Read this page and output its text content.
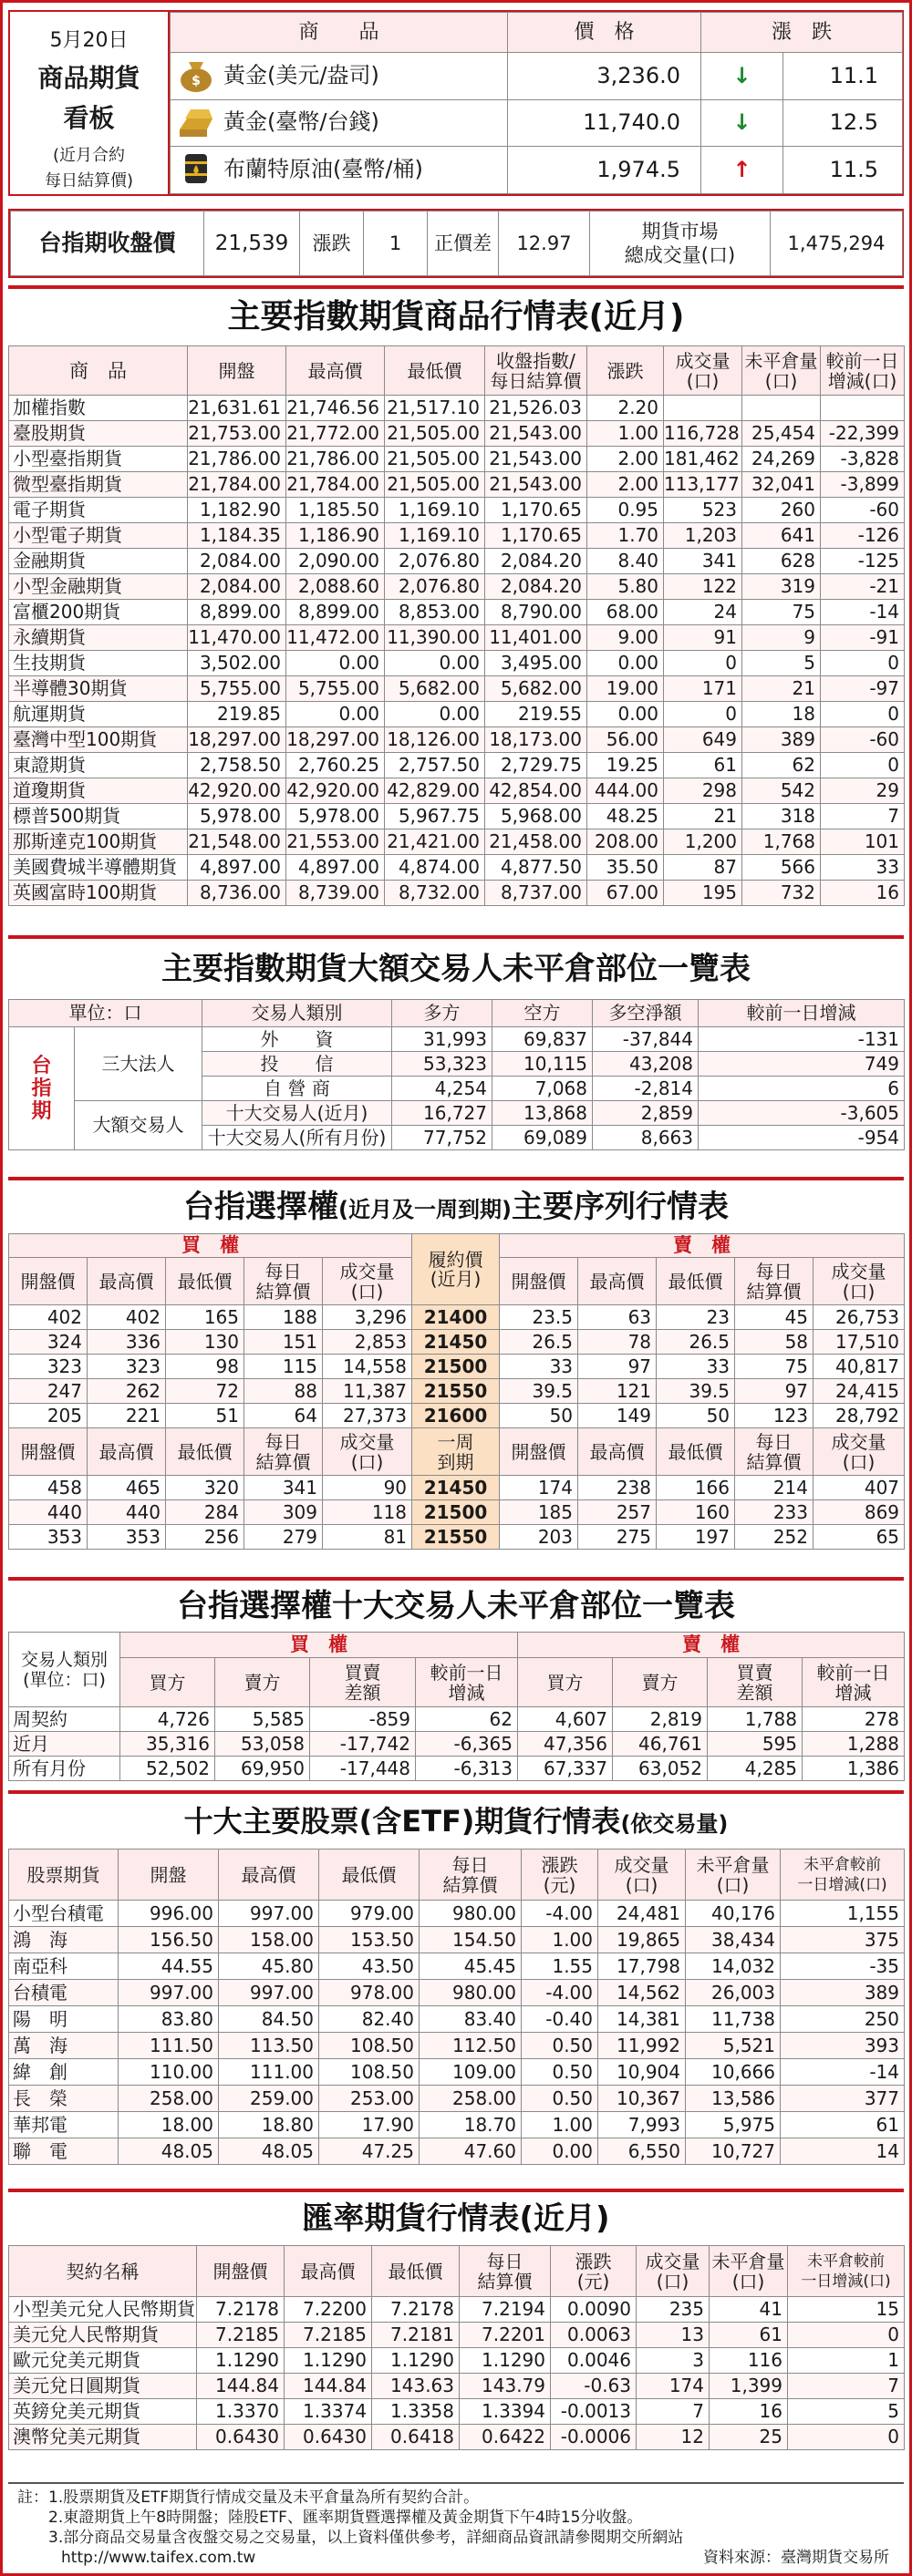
5月20日
商品期貨
看板
(近月合約
每日結算價)
商　　品	價　格	漲　跌	

$ 黃金(美元/盎司)	3,236.0	↓	11.1
黃金(臺幣/台錢)	11,740.0	↓	12.5
布蘭特原油(臺幣/桶)	1,974.5	↑	11.5
台指期收盤價	21,539	漲跌	1	正價差	12.97	
期貨市場
總成交量(口)
	1,475,294
主要指數期貨商品行情表(近月)
商　品	開盤	最高價	最低價	收盤指數/
每日結算價	漲跌	成交量
(口)	未平倉量
(口)	較前一日
增減(口)
加權指數	21,631.61	21,746.56	21,517.10	21,526.03	2.20			
臺股期貨	21,753.00	21,772.00	21,505.00	21,543.00	1.00	116,728	25,454	-22,399
小型臺指期貨	21,786.00	21,786.00	21,505.00	21,543.00	2.00	181,462	24,269	-3,828
微型臺指期貨	21,784.00	21,784.00	21,505.00	21,543.00	2.00	113,177	32,041	-3,899
電子期貨	1,182.90	1,185.50	1,169.10	1,170.65	0.95	523	260	-60
小型電子期貨	1,184.35	1,186.90	1,169.10	1,170.65	1.70	1,203	641	-126
金融期貨	2,084.00	2,090.00	2,076.80	2,084.20	8.40	341	628	-125
小型金融期貨	2,084.00	2,088.60	2,076.80	2,084.20	5.80	122	319	-21
富櫃200期貨	8,899.00	8,899.00	8,853.00	8,790.00	68.00	24	75	-14
永續期貨	11,470.00	11,472.00	11,390.00	11,401.00	9.00	91	9	-91
生技期貨	3,502.00	0.00	0.00	3,495.00	0.00	0	5	0
半導體30期貨	5,755.00	5,755.00	5,682.00	5,682.00	19.00	171	21	-97
航運期貨	219.85	0.00	0.00	219.55	0.00	0	18	0
臺灣中型100期貨	18,297.00	18,297.00	18,126.00	18,173.00	56.00	649	389	-60
東證期貨	2,758.50	2,760.25	2,757.50	2,729.75	19.25	61	62	0
道瓊期貨	42,920.00	42,920.00	42,829.00	42,854.00	444.00	298	542	29
標普500期貨	5,978.00	5,978.00	5,967.75	5,968.00	48.25	21	318	7
那斯達克100期貨	21,548.00	21,553.00	21,421.00	21,458.00	208.00	1,200	1,768	101
美國費城半導體期貨	4,897.00	4,897.00	4,874.00	4,877.50	35.50	87	566	33
英國富時100期貨	8,736.00	8,739.00	8,732.00	8,737.00	67.00	195	732	16
主要指數期貨大額交易人未平倉部位一覽表
單位：口		交易人類別	多方	空方	多空淨額	較前一日增減
台
指
期	三大法人	外　　資	31,993	69,837	-37,844	-131
		投　　信	53,323	10,115	43,208	749
		自 營 商	4,254	7,068	-2,814	6
	大額交易人	十大交易人(近月)	16,727	13,868	2,859	-3,605
		十大交易人(所有月份)	77,752	69,089	8,663	-954
台指選擇權(近月及一周到期)主要序列行情表
買　權					履約價
(近月)	賣　權				
開盤價	最高價	最低價	每日
結算價	成交量
(口)		開盤價	最高價	最低價	每日
結算價	成交量
(口)
402	402	165	188	3,296	21400	23.5	63	23	45	26,753
324	336	130	151	2,853	21450	26.5	78	26.5	58	17,510
323	323	98	115	14,558	21500	33	97	33	75	40,817
247	262	72	88	11,387	21550	39.5	121	39.5	97	24,415
205	221	51	64	27,373	21600	50	149	50	123	28,792
開盤價	最高價	最低價	每日
結算價	成交量
(口)	一周
到期	開盤價	最高價	最低價	每日
結算價	成交量
(口)
458	465	320	341	90	21450	174	238	166	214	407
440	440	284	309	118	21500	185	257	160	233	869
353	353	256	279	81	21550	203	275	197	252	65
台指選擇權十大交易人未平倉部位一覽表
交易人類別
(單位：口)	買　權				賣　權			
	買方	賣方	買賣
差額	較前一日
增減	買方	賣方	買賣
差額	較前一日
增減
周契約	4,726	5,585	-859	62	4,607	2,819	1,788	278
近月	35,316	53,058	-17,742	-6,365	47,356	46,761	595	1,288
所有月份	52,502	69,950	-17,448	-6,313	67,337	63,052	4,285	1,386
十大主要股票(含ETF)期貨行情表(依交易量)
股票期貨	開盤	最高價	最低價	每日
結算價	漲跌
(元)	成交量
(口)	未平倉量
(口)	未平倉較前
一日增減(口)
小型台積電	996.00	997.00	979.00	980.00	-4.00	24,481	40,176	1,155
鴻　海	156.50	158.00	153.50	154.50	1.00	19,865	38,434	375
南亞科	44.55	45.80	43.50	45.45	1.55	17,798	14,032	-35
台積電	997.00	997.00	978.00	980.00	-4.00	14,562	26,003	389
陽　明	83.80	84.50	82.40	83.40	-0.40	14,381	11,738	250
萬　海	111.50	113.50	108.50	112.50	0.50	11,992	5,521	393
緯　創	110.00	111.00	108.50	109.00	0.50	10,904	10,666	-14
長　榮	258.00	259.00	253.00	258.00	0.50	10,367	13,586	377
華邦電	18.00	18.80	17.90	18.70	1.00	7,993	5,975	61
聯　電	48.05	48.05	47.25	47.60	0.00	6,550	10,727	14
匯率期貨行情表(近月)
契約名稱	開盤價	最高價	最低價	每日
結算價	漲跌
(元)	成交量
(口)	未平倉量
(口)	未平倉較前
一日增減(口)
小型美元兌人民幣期貨	7.2178	7.2200	7.2178	7.2194	0.0090	235	41	15
美元兌人民幣期貨	7.2185	7.2185	7.2181	7.2201	0.0063	13	61	0
歐元兌美元期貨	1.1290	1.1290	1.1290	1.1290	0.0046	3	116	1
美元兌日圓期貨	144.84	144.84	143.63	143.79	-0.63	174	1,399	7
英鎊兌美元期貨	1.3370	1.3374	1.3358	1.3394	-0.0013	7	16	5
澳幣兌美元期貨	0.6430	0.6430	0.6418	0.6422	-0.0006	12	25	0
註：1.股票期貨及ETF期貨行情成交量及未平倉量為所有契約合計。
　　2.東證期貨上午8時開盤；陸股ETF、匯率期貨暨選擇權及黃金期貨下午4時15分收盤。
　　3.部分商品交易量含夜盤交易之交易量，以上資料僅供參考，詳細商品資訊請參閱期交所網站
http://www.taifex.com.tw	資料來源：臺灣期貨交易所
